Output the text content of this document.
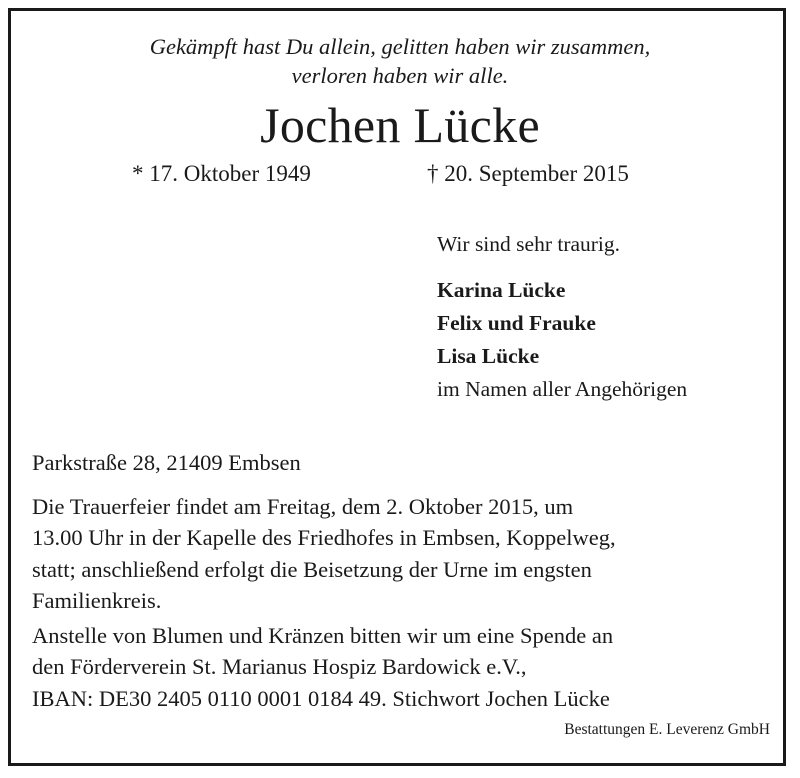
Gekämpft hast Du allein, gelitten haben wir zusammen,
verloren haben wir alle.
Jochen Lücke
* 17. Oktober 1949	† 20. September 2015
Wir sind sehr traurig.
Karina Lücke
Felix und Frauke
Lisa Lücke
im Namen aller Angehörigen
Parkstraße 28, 21409 Embsen
Die Trauerfeier findet am Freitag, dem 2. Oktober 2015, um
13.00 Uhr in der Kapelle des Friedhofes in Embsen, Koppelweg,
statt; anschließend erfolgt die Beisetzung der Urne im engsten
Familienkreis.
Anstelle von Blumen und Kränzen bitten wir um eine Spende an
den Förderverein St. Marianus Hospiz Bardowick e.V.,
IBAN: DE30 2405 0110 0001 0184 49. Stichwort Jochen Lücke
Bestattungen E. Leverenz GmbH
